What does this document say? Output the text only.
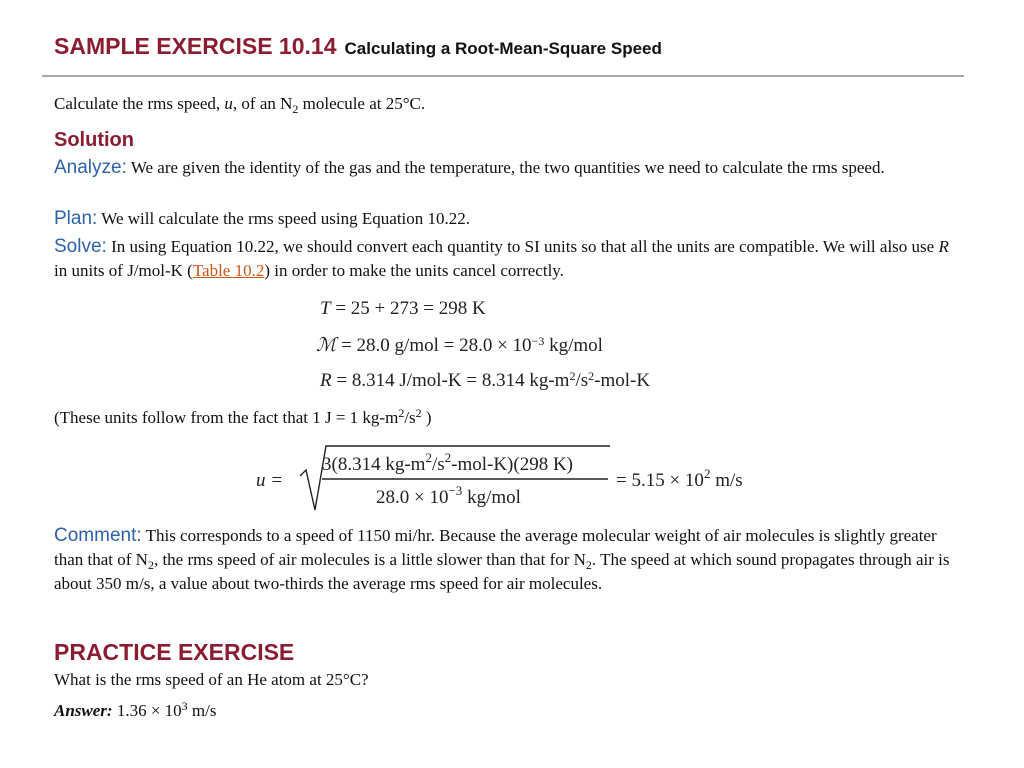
SAMPLE EXERCISE 10.14 Calculating a Root-Mean-Square Speed

Calculate the rms speed, u, of an $N_2$ molecule at 25°C.

Solution

Analyze: We are given the identity of the gas and the temperature, the two quantities we need to calculate the rms speed.

Plan: We will calculate the rms speed using Equation 10.22.

Solve: In using Equation 10.22, we should convert each quantity to SI units so that all the units are compatible. We will also use R in units of J/mol-K (Table 10.2) in order to make the units cancel correctly.

T = 25 + 273 = 298 K
ℳ = 28.0 $g/mol = 28.0 \times 10^{-3}$ kg/mol
R = 8.314 J/mol-K = 8.314 $kg-m^2/s^2-mol-K$

(These units follow from the fact that 1 J = 1 $kg-m^2/s^2$ )

u =
3(8.314 $kg-m^2/s^2-mol-K)(298$ K)
$28.0 \times 10^{-3}$ kg/mol
= $5.15 \times 10^2$ m/s

Comment: This corresponds to a speed of 1150 mi/hr. Because the average molecular weight of air molecules is slightly greater than that of $N_2$, the rms speed of air molecules is a little slower than that for $N_2$. The speed at which sound propagates through air is about 350 m/s, a value about two-thirds the average rms speed for air molecules.

PRACTICE EXERCISE

What is the rms speed of an He atom at 25°C?

Answer: $1.36 \times 10^3$ m/s
